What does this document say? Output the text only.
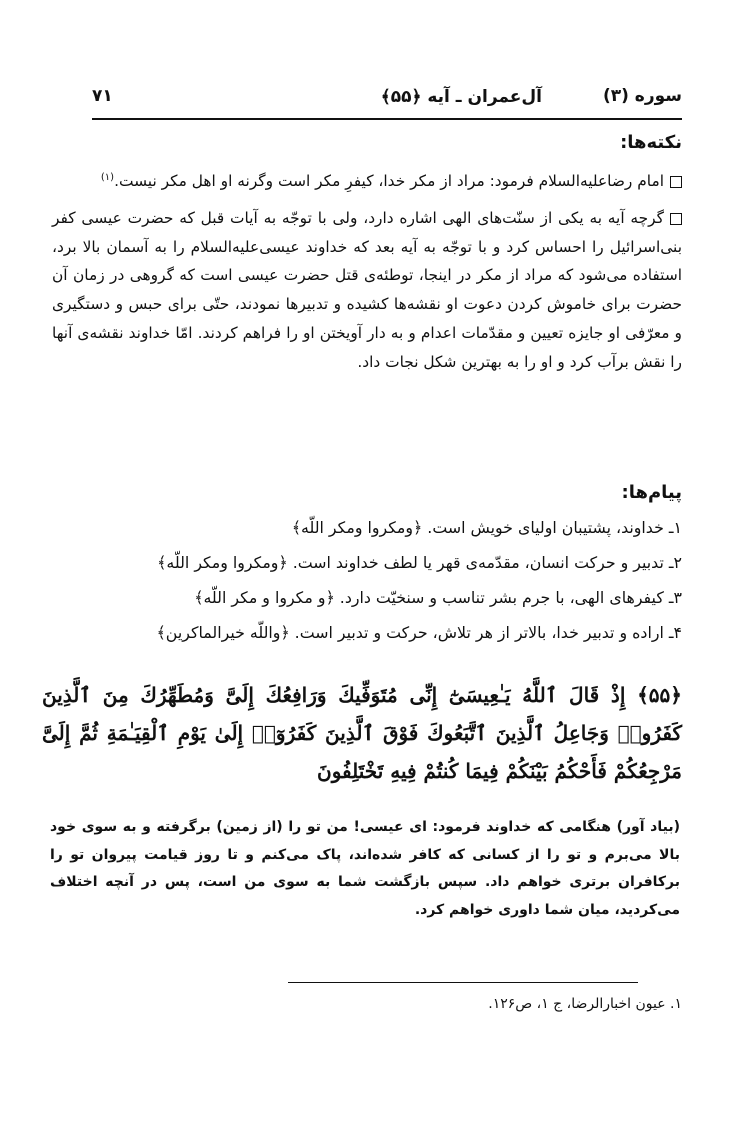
سوره (۳)
آل‌عمران ـ آیه ﴿۵۵﴾
۷۱
نکته‌ها:
امام رضاعليه‌السلام فرمود: مراد از مکر خدا، کیفرِ مکر است وگرنه او اهل مکر نیست.$^{(۱)}$
گرچه آیه به یکی از سنّت‌های الهی اشاره دارد، ولی با توجّه به آیات قبل که حضرت عیسی کفر بنی‌اسرائیل را احساس کرد و با توجّه به آیه بعد که خداوند عیسی‌عليه‌السلام را به آسمان بالا برد، استفاده می‌شود که مراد از مکر در اینجا، توطئه‌ی قتل حضرت عیسی است که گروهی در زمان آن حضرت برای خاموش کردن دعوت او نقشه‌ها کشیده و تدبیرها نمودند، حتّی برای حبس و دستگیری و معرّفی او جایزه تعیین و مقدّمات اعدام و به دار آویختن او را فراهم کردند. امّا خداوند نقشه‌ی آنها را نقش برآب کرد و او را به بهترین شکل نجات داد.
پیام‌ها:
۱ـ خداوند، پشتیبان اولیای خویش است. ﴿ومکروا ومکر اللّه﴾
۲ـ تدبیر و حرکت انسان، مقدّمه‌ی قهر یا لطف خداوند است. ﴿ومکروا ومکر اللّه﴾
۳ـ کیفرهای الهی، با جرم بشر تناسب و سنخیّت دارد. ﴿و مکروا و مکر اللّه﴾
۴ـ اراده و تدبیر خدا، بالاتر از هر تلاش، حرکت و تدبیر است. ﴿واللّه خیرالماکرین﴾
﴿۵۵﴾ إِذْ قَالَ ٱللَّهُ يَـٰعِيسَىٰٓ إِنِّى مُتَوَفِّيكَ وَرَافِعُكَ إِلَىَّ وَمُطَهِّرُكَ مِنَ ٱلَّذِينَ كَفَرُوا۟ وَجَاعِلُ ٱلَّذِينَ ٱتَّبَعُوكَ فَوْقَ ٱلَّذِينَ كَفَرُوٓا۟ إِلَىٰ يَوْمِ ٱلْقِيَـٰمَةِ ثُمَّ إِلَىَّ مَرْجِعُكُمْ فَأَحْكُمُ بَيْنَكُمْ فِيمَا كُنتُمْ فِيهِ تَخْتَلِفُونَ
(بیاد آور) هنگامی که خداوند فرمود: ای عیسی! من تو را (از زمین) برگرفته و به سوی خود بالا می‌برم و تو را از کسانی که کافر شده‌اند، پاک می‌کنم و تا روز قیامت پیروان تو را برکافران برتری خواهم داد. سپس بازگشت شما به سوی من است، پس در آنچه اختلاف می‌کردید، میان شما داوری خواهم کرد.
۱. عیون اخبارالرضا، ج ۱، ص۱۲۶.
